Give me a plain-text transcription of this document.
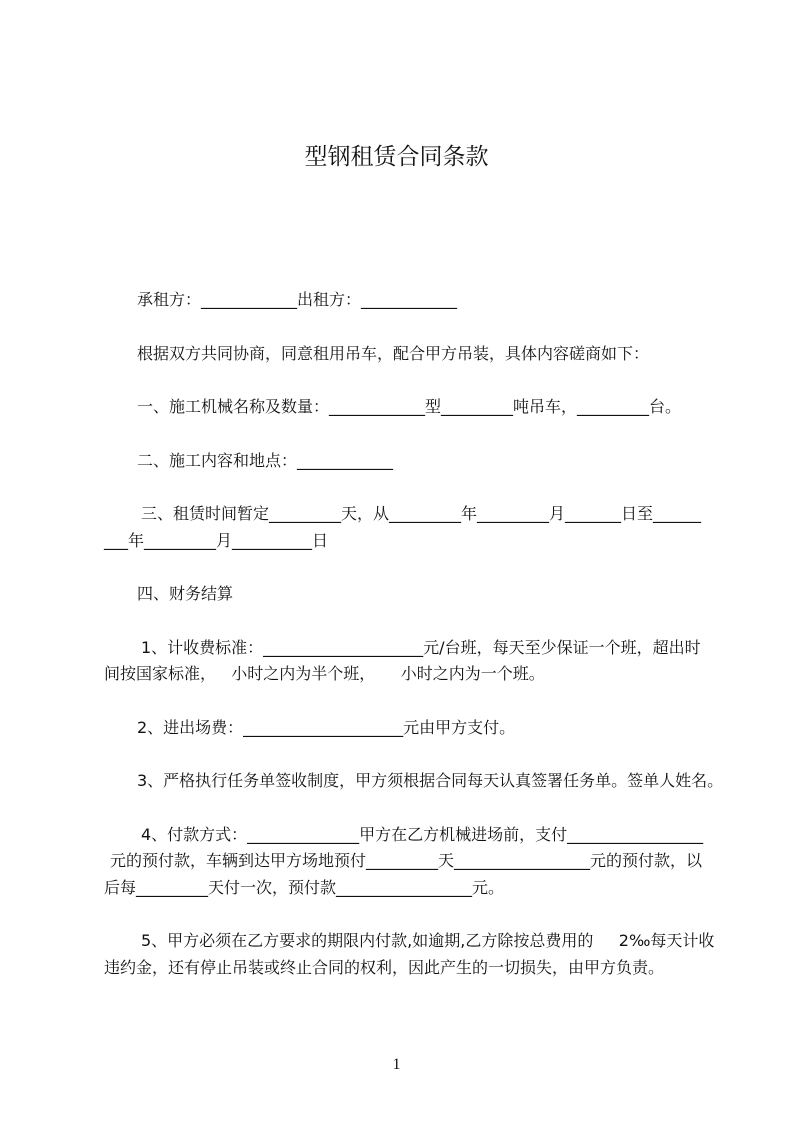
型钢租赁合同条款
承租方：____________出租方：____________
根据双方共同协商，同意租用吊车，配合甲方吊装，具体内容磋商如下：
一、施工机械名称及数量：____________型_________吨吊车，_________台。
二、施工内容和地点：____________
三、租赁时间暂定_________天，从_________年_________月_______日至______
___年_________月__________日
四、财务结算
1、计收费标准：____________________元/台班，每天至少保证一个班，超出时
间按国家标准，   小时之内为半个班，     小时之内为一个班。
2、进出场费：____________________元由甲方支付。
3、严格执行任务单签收制度，甲方须根据合同每天认真签署任务单。签单人姓名。
4、付款方式：______________甲方在乙方机械进场前，支付_________________
元的预付款，车辆到达甲方场地预付_________天_________________元的预付款，以
后每_________天付一次，预付款_________________元。
5、甲方必须在乙方要求的期限内付款,如逾期,乙方除按总费用的     2‰每天计收
违约金，还有停止吊装或终止合同的权利，因此产生的一切损失，由甲方负责。
1
